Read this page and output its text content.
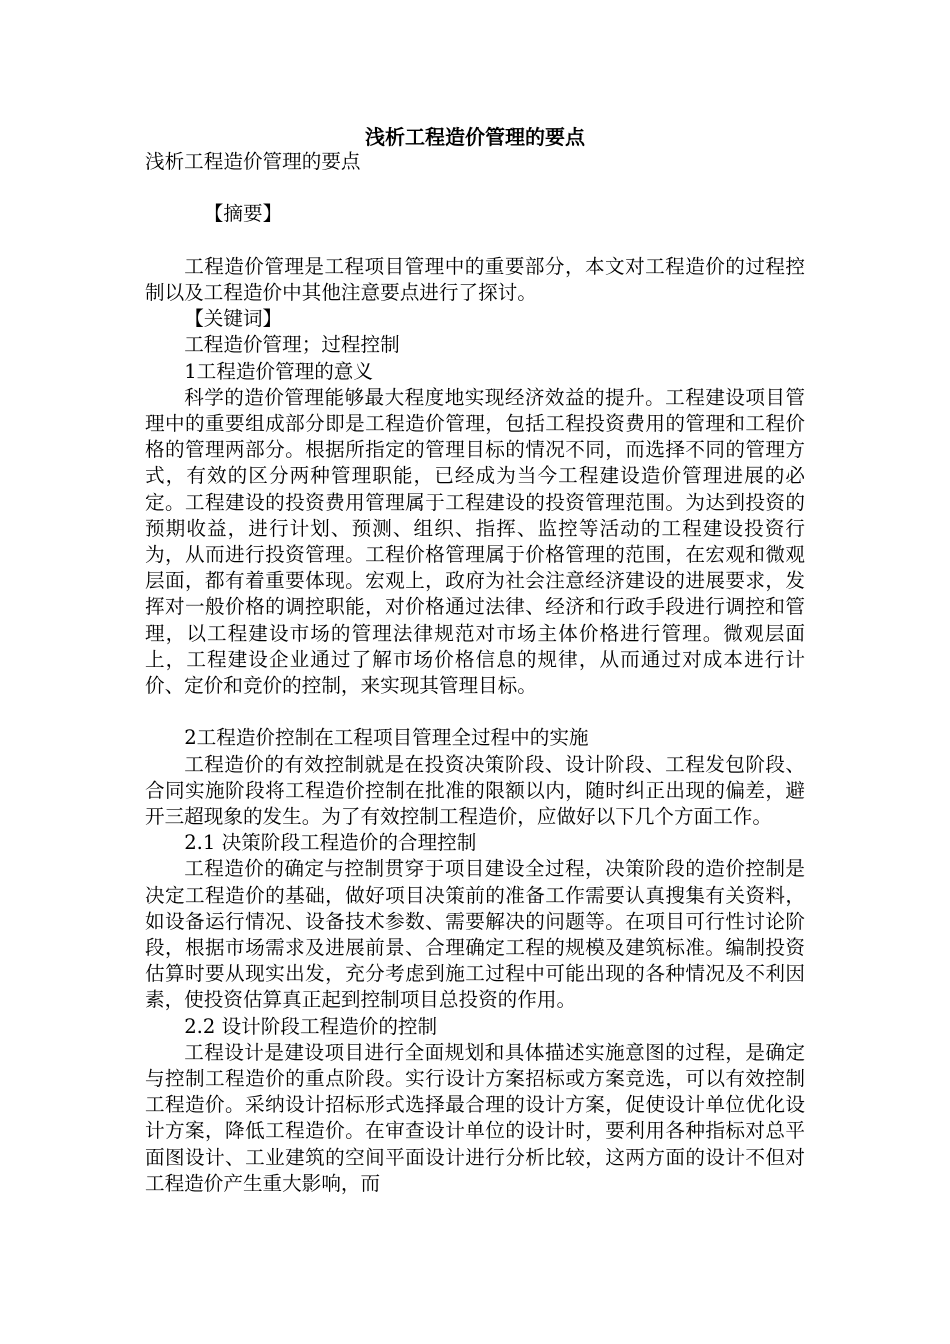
浅析工程造价管理的要点

浅析工程造价管理的要点

【摘要】

工程造价管理是工程项目管理中的重要部分，本文对工程造价的过程控制以及工程造价中其他注意要点进行了探讨。

【关键词】

工程造价管理；过程控制

1工程造价管理的意义

科学的造价管理能够最大程度地实现经济效益的提升。工程建设项目管理中的重要组成部分即是工程造价管理，包括工程投资费用的管理和工程价格的管理两部分。根据所指定的管理目标的情况不同，而选择不同的管理方式，有效的区分两种管理职能，已经成为当今工程建设造价管理进展的必定。工程建设的投资费用管理属于工程建设的投资管理范围。为达到投资的预期收益，进行计划、预测、组织、指挥、监控等活动的工程建设投资行为，从而进行投资管理。工程价格管理属于价格管理的范围，在宏观和微观层面，都有着重要体现。宏观上，政府为社会注意经济建设的进展要求，发挥对一般价格的调控职能，对价格通过法律、经济和行政手段进行调控和管理，以工程建设市场的管理法律规范对市场主体价格进行管理。微观层面上，工程建设企业通过了解市场价格信息的规律，从而通过对成本进行计价、定价和竞价的控制，来实现其管理目标。

2工程造价控制在工程项目管理全过程中的实施

工程造价的有效控制就是在投资决策阶段、设计阶段、工程发包阶段、合同实施阶段将工程造价控制在批准的限额以内，随时纠正出现的偏差，避开三超现象的发生。为了有效控制工程造价，应做好以下几个方面工作。

2.1 决策阶段工程造价的合理控制

工程造价的确定与控制贯穿于项目建设全过程，决策阶段的造价控制是决定工程造价的基础，做好项目决策前的准备工作需要认真搜集有关资料，如设备运行情况、设备技术参数、需要解决的问题等。在项目可行性讨论阶段，根据市场需求及进展前景、合理确定工程的规模及建筑标准。编制投资估算时要从现实出发，充分考虑到施工过程中可能出现的各种情况及不利因素，使投资估算真正起到控制项目总投资的作用。

2.2 设计阶段工程造价的控制

工程设计是建设项目进行全面规划和具体描述实施意图的过程，是确定与控制工程造价的重点阶段。实行设计方案招标或方案竞选，可以有效控制工程造价。采纳设计招标形式选择最合理的设计方案，促使设计单位优化设计方案，降低工程造价。在审查设计单位的设计时，要利用各种指标对总平面图设计、工业建筑的空间平面设计进行分析比较，这两方面的设计不但对工程造价产生重大影响，而
